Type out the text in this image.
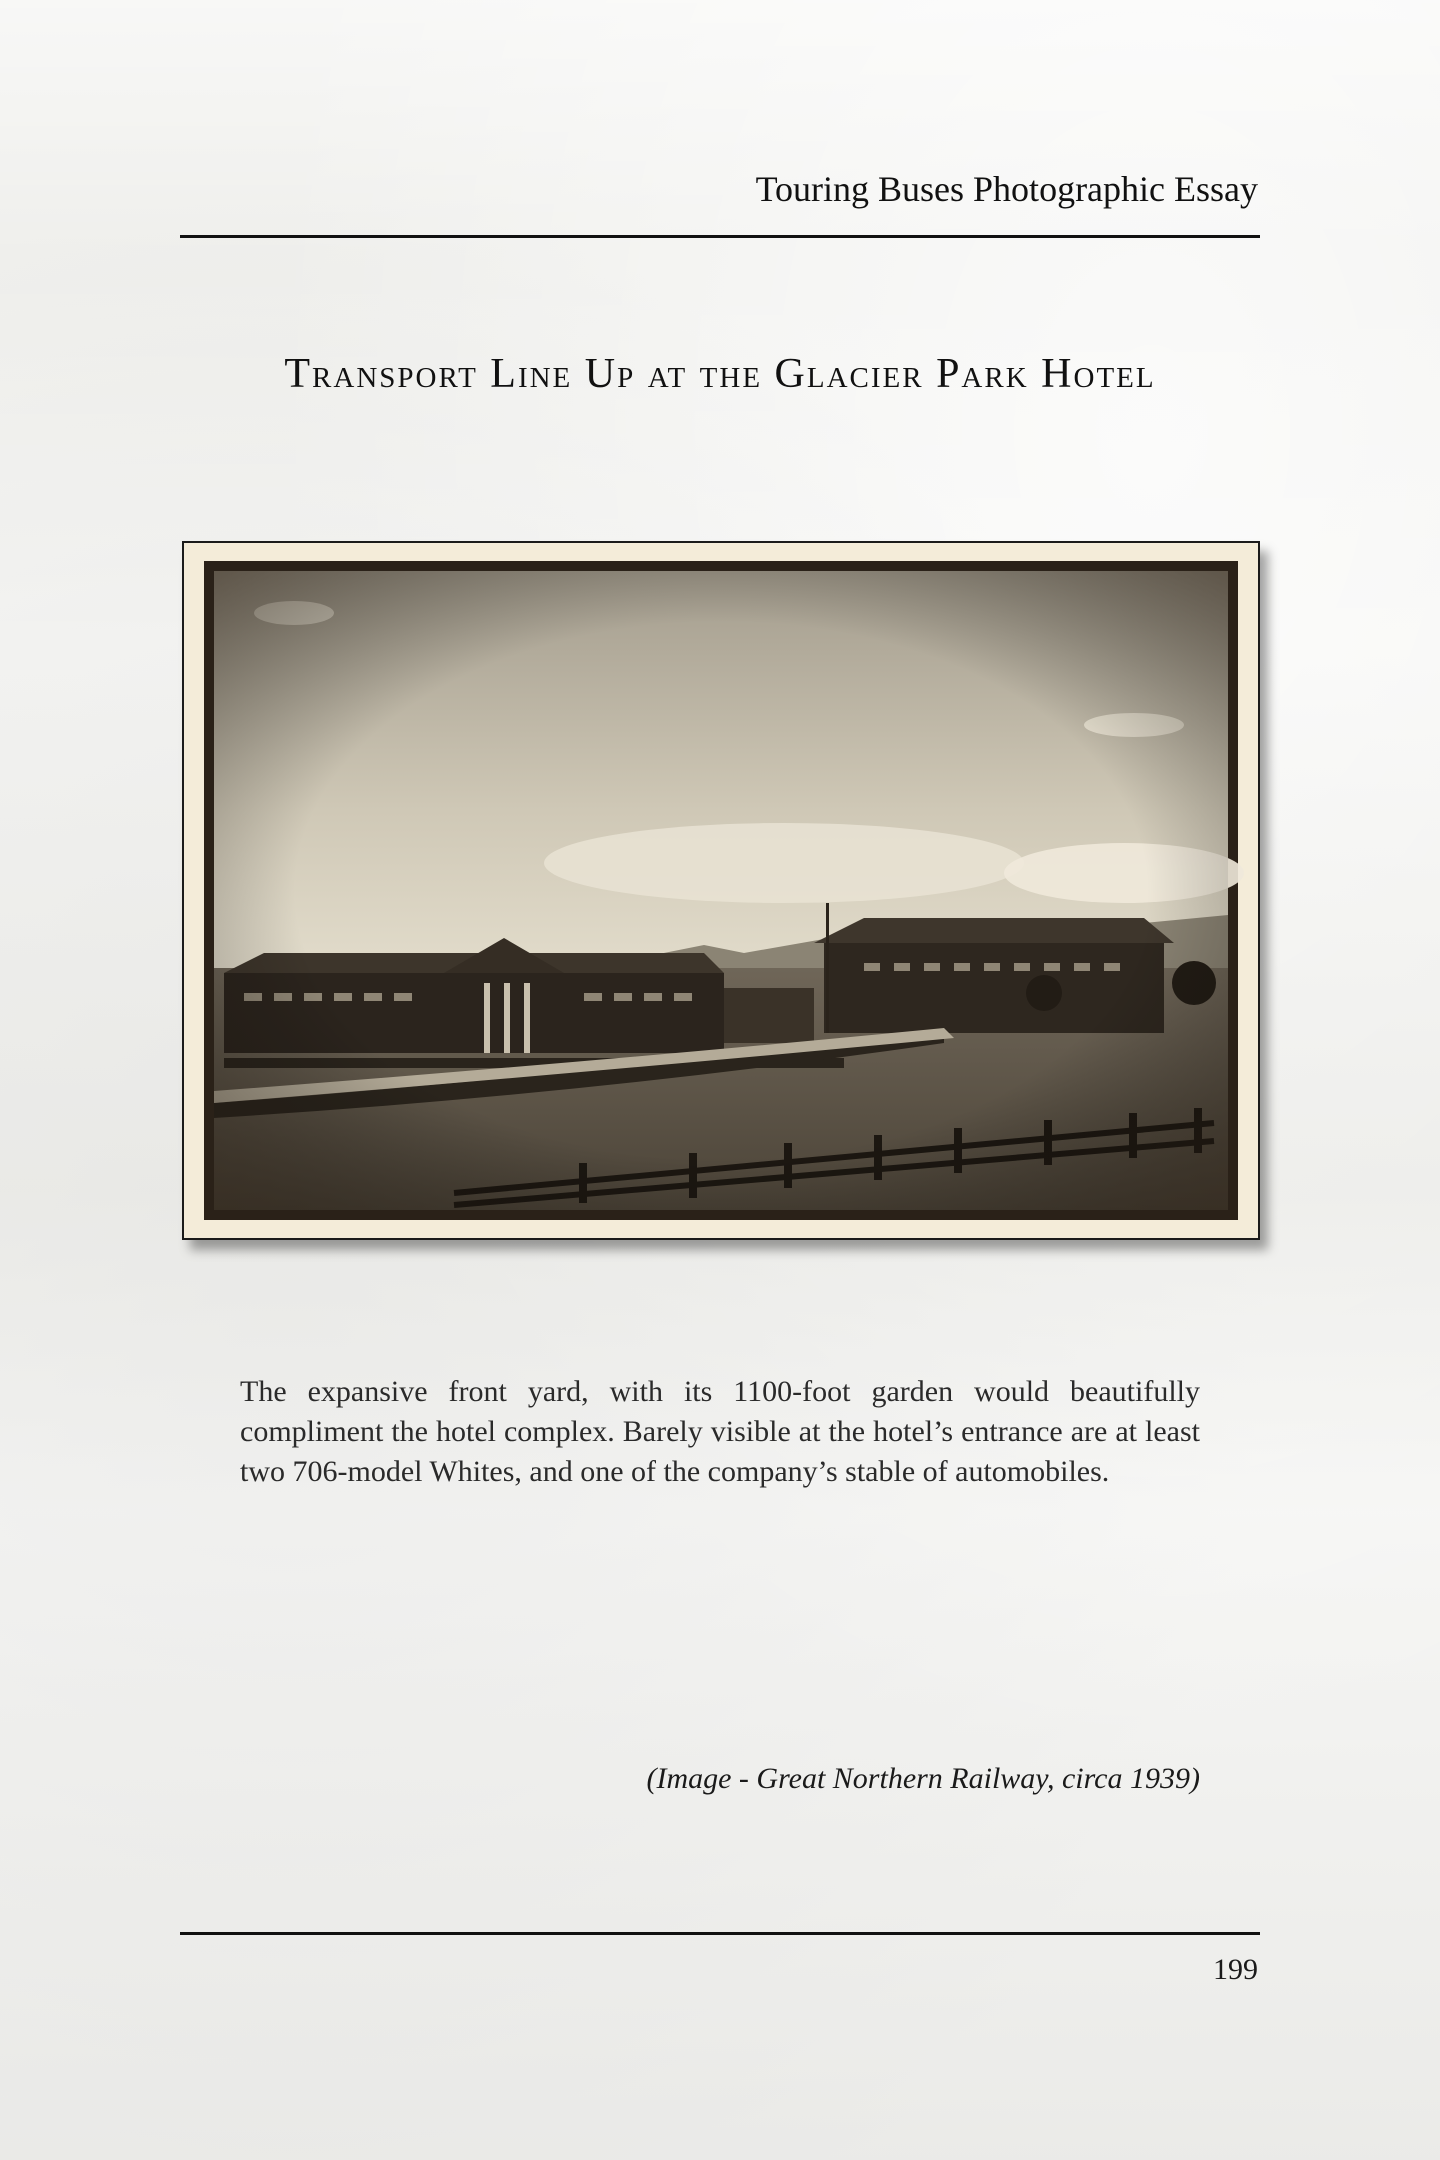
Touring Buses Photographic Essay
Transport Line Up at the Glacier Park Hotel
The expansive front yard, with its 1100-foot garden would beautifully compliment the hotel complex. Barely visible at the hotel’s entrance are at least two 706-model Whites, and one of the company’s stable of automobiles.
(Image - Great Northern Railway, circa 1939)
199
